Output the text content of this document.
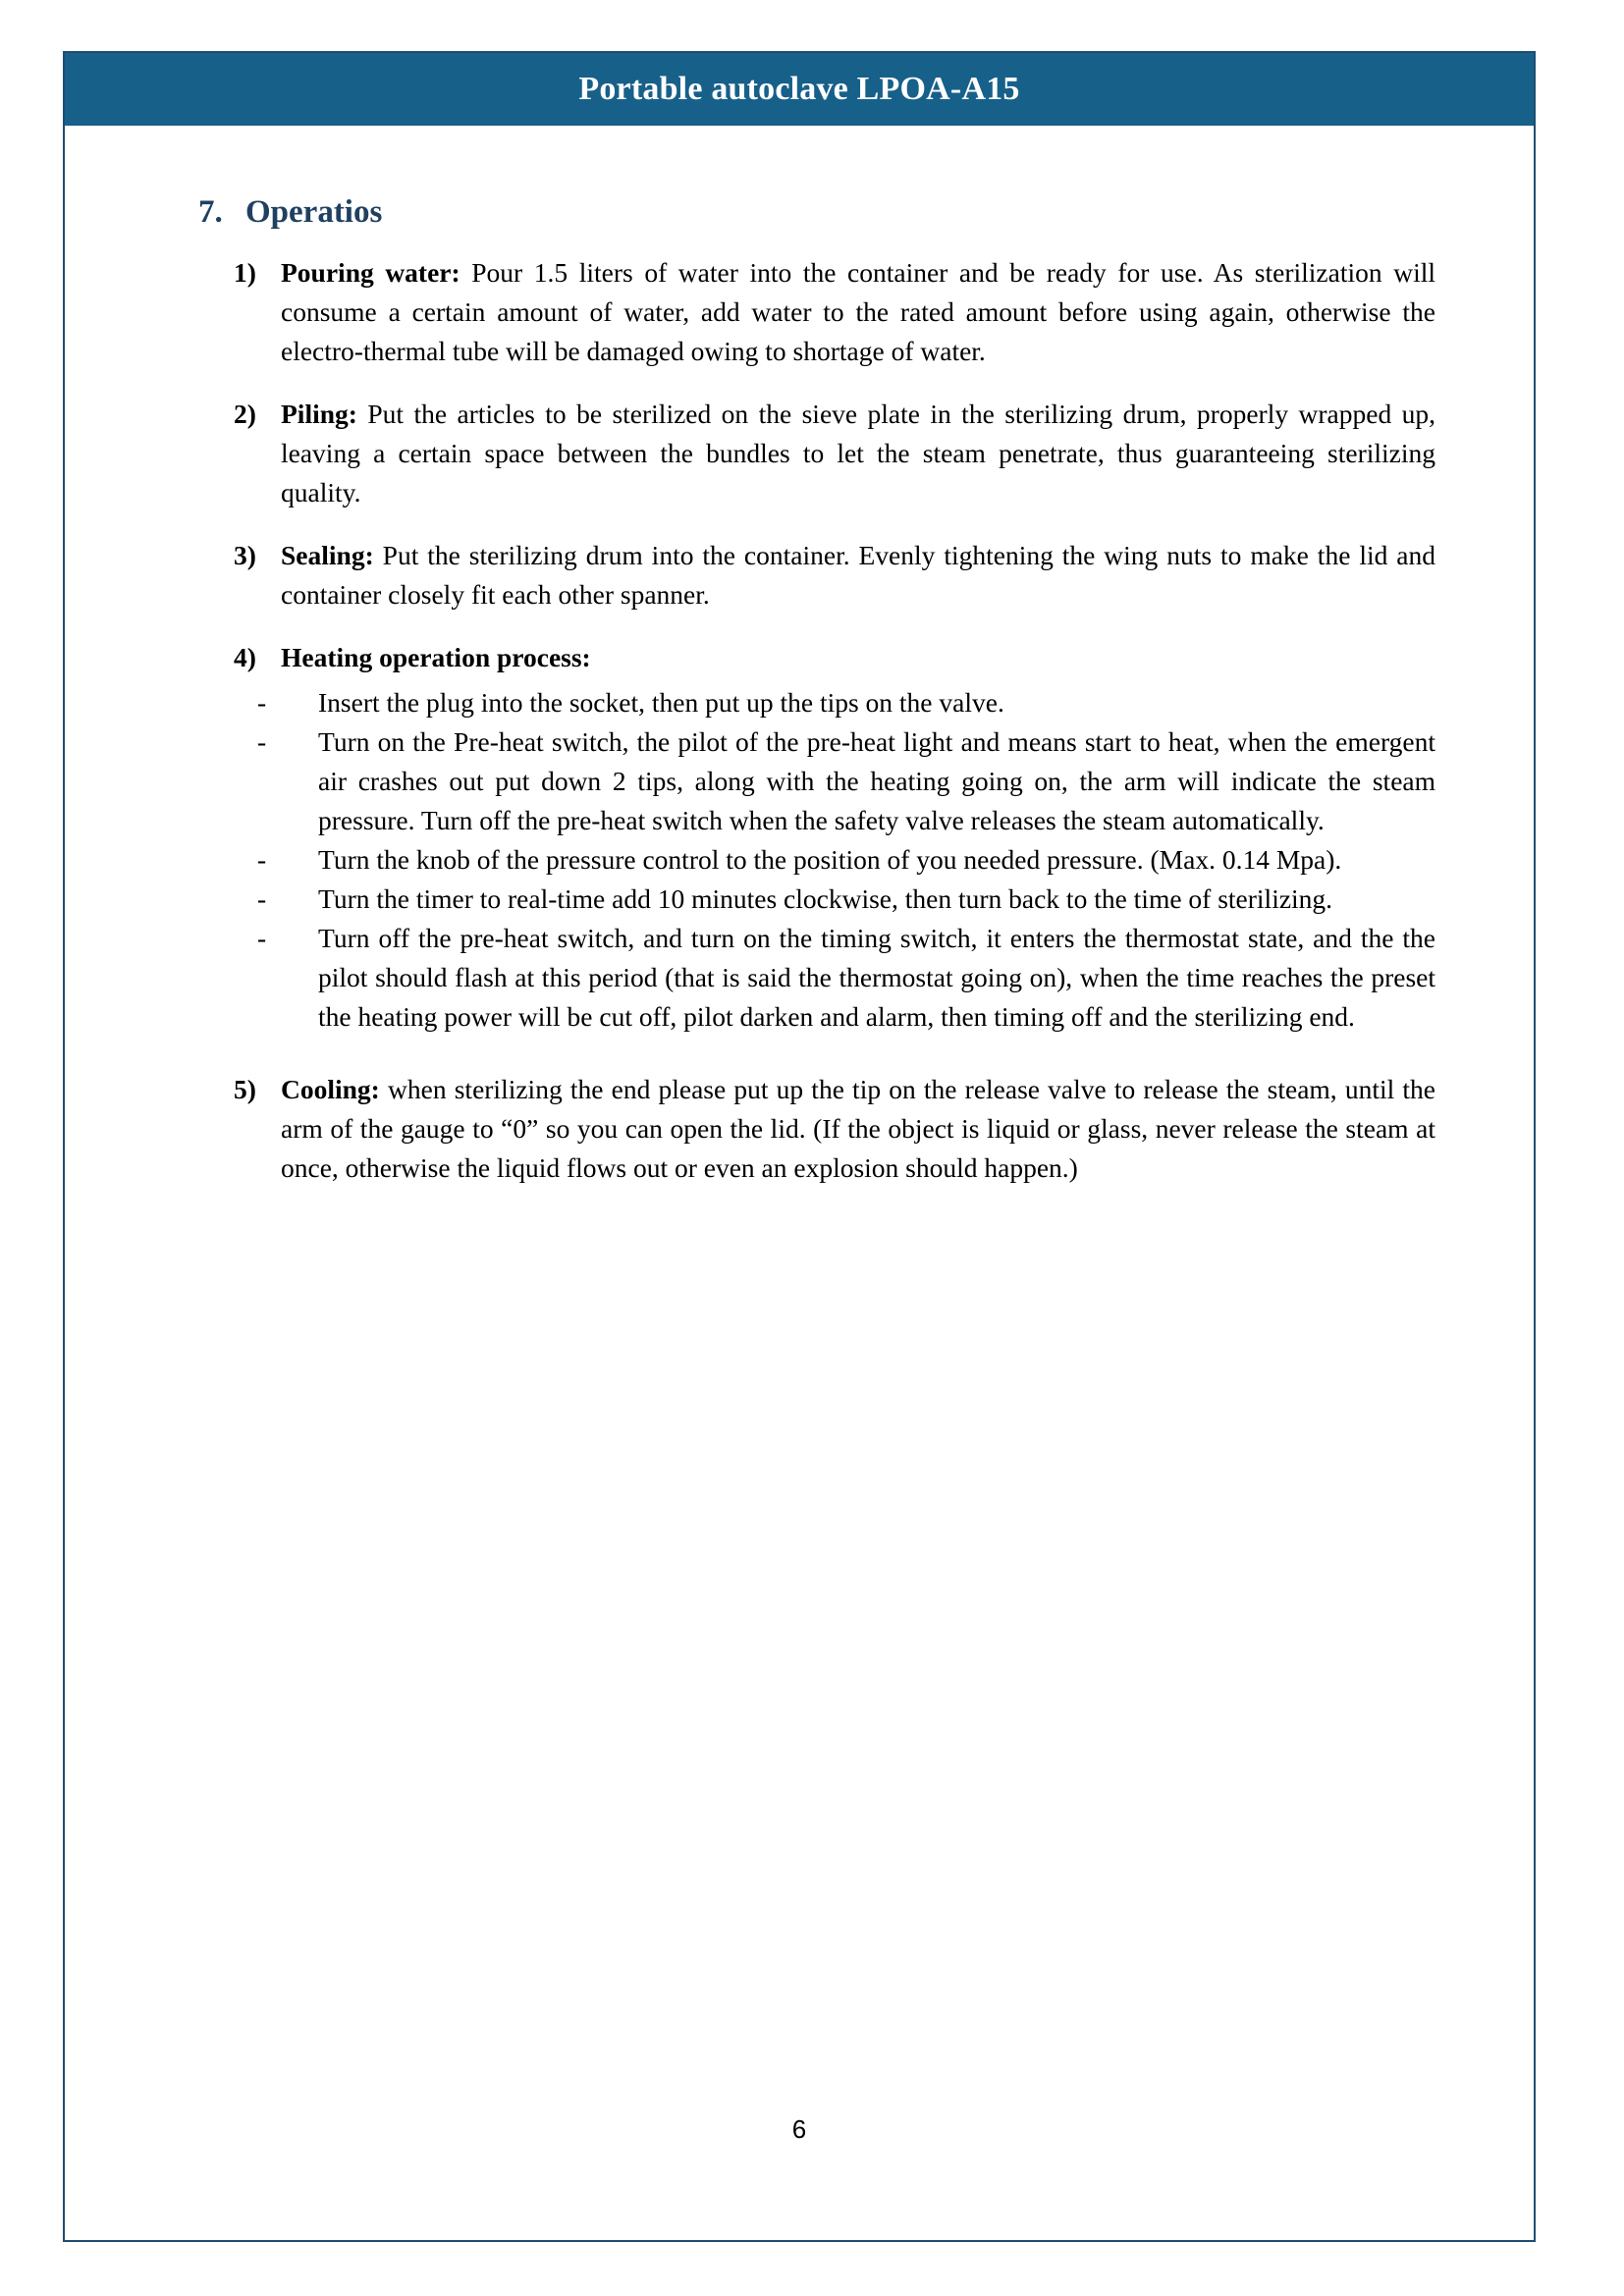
Portable autoclave LPOA-A15
7. Operatios
1) Pouring water: Pour 1.5 liters of water into the container and be ready for use. As sterilization will consume a certain amount of water, add water to the rated amount before using again, otherwise the electro-thermal tube will be damaged owing to shortage of water.
2) Piling: Put the articles to be sterilized on the sieve plate in the sterilizing drum, properly wrapped up, leaving a certain space between the bundles to let the steam penetrate, thus guaranteeing sterilizing quality.
3) Sealing: Put the sterilizing drum into the container. Evenly tightening the wing nuts to make the lid and container closely fit each other spanner.
4) Heating operation process:
-	Insert the plug into the socket, then put up the tips on the valve.
-	Turn on the Pre-heat switch, the pilot of the pre-heat light and means start to heat, when the emergent air crashes out put down 2 tips, along with the heating going on, the arm will indicate the steam pressure. Turn off the pre-heat switch when the safety valve releases the steam automatically.
-	Turn the knob of the pressure control to the position of you needed pressure. (Max. 0.14 Mpa).
-	Turn the timer to real-time add 10 minutes clockwise, then turn back to the time of sterilizing.
-	Turn off the pre-heat switch, and turn on the timing switch, it enters the thermostat state, and the the pilot should flash at this period (that is said the thermostat going on), when the time reaches the preset the heating power will be cut off, pilot darken and alarm, then timing off and the sterilizing end.
5) Cooling: when sterilizing the end please put up the tip on the release valve to release the steam, until the arm of the gauge to “0” so you can open the lid. (If the object is liquid or glass, never release the steam at once, otherwise the liquid flows out or even an explosion should happen.)
6
